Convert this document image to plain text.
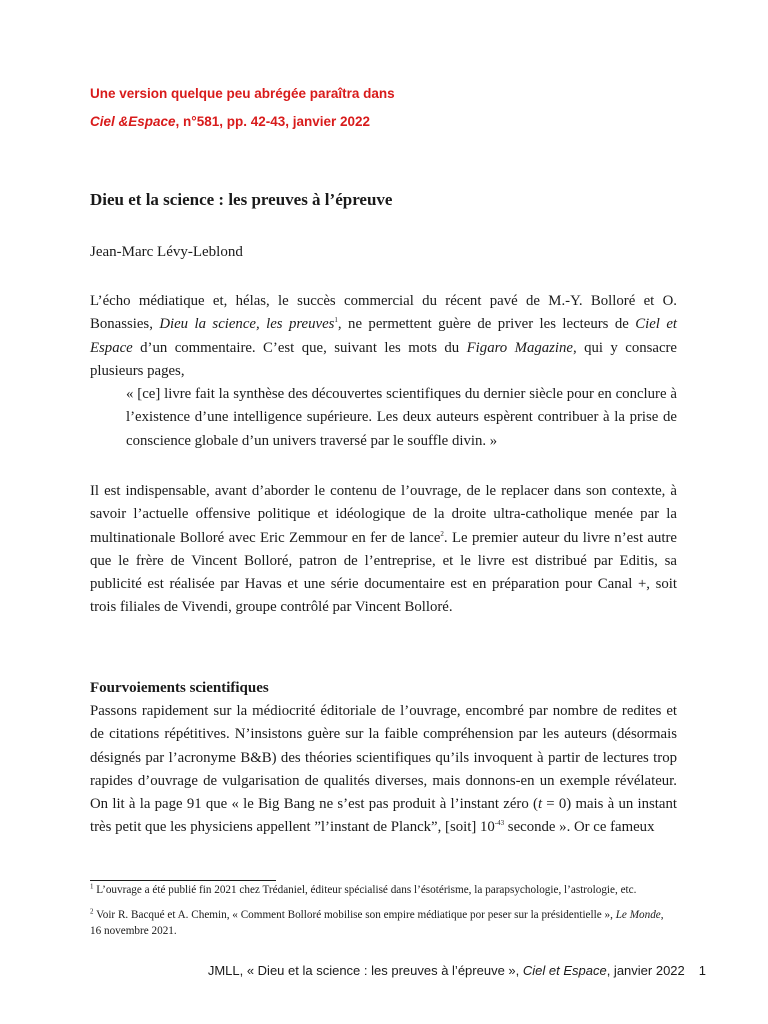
Une version quelque peu abrégée paraîtra dans
Ciel &Espace, n°581, pp. 42-43, janvier 2022
Dieu et la science : les preuves à l’épreuve
Jean-Marc Lévy-Leblond
L’écho médiatique et, hélas, le succès commercial du récent pavé de M.-Y. Bolloré et O. Bonassies, Dieu la science, les preuves$^1$, ne permettent guère de priver les lecteurs de Ciel et Espace d’un commentaire. C’est que, suivant les mots du Figaro Magazine, qui y consacre plusieurs pages,
« [ce] livre fait la synthèse des découvertes scientifiques du dernier siècle pour en conclure à l’existence d’une intelligence supérieure. Les deux auteurs espèrent contribuer à la prise de conscience globale d’un univers traversé par le souffle divin. »
Il est indispensable, avant d’aborder le contenu de l’ouvrage, de le replacer dans son contexte, à savoir l’actuelle offensive politique et idéologique de la droite ultra-catholique menée par la multinationale Bolloré avec Eric Zemmour en fer de lance$^2$. Le premier auteur du livre n’est autre que le frère de Vincent Bolloré, patron de l’entreprise, et le livre est distribué par Editis, sa publicité est réalisée par Havas et une série documentaire est en préparation pour Canal +, soit trois filiales de Vivendi, groupe contrôlé par Vincent Bolloré.
Fourvoiements scientifiques
Passons rapidement sur la médiocrité éditoriale de l’ouvrage, encombré par nombre de redites et de citations répétitives. N’insistons guère sur la faible compréhension par les auteurs (désormais désignés par l’acronyme B&B) des théories scientifiques qu’ils invoquent à partir de lectures trop rapides d’ouvrage de vulgarisation de qualités diverses, mais donnons-en un exemple révélateur. On lit à la page 91 que « le Big Bang ne s’est pas produit à l’instant zéro (t = 0) mais à un instant très petit que les physiciens appellent ”l’instant de Planck”, [soit] $10^{-43}$ seconde ». Or ce fameux
$^1$ L’ouvrage a été publié fin 2021 chez Trédaniel, éditeur spécialisé dans l’ésotérisme, la parapsychologie, l’astrologie, etc.
$^2$ Voir R. Bacqué et A. Chemin, « Comment Bolloré mobilise son empire médiatique por peser sur la présidentielle », Le Monde, 16 novembre 2021.
JMLL, « Dieu et la science : les preuves à l’épreuve », Ciel et Espace, janvier 2022 1
